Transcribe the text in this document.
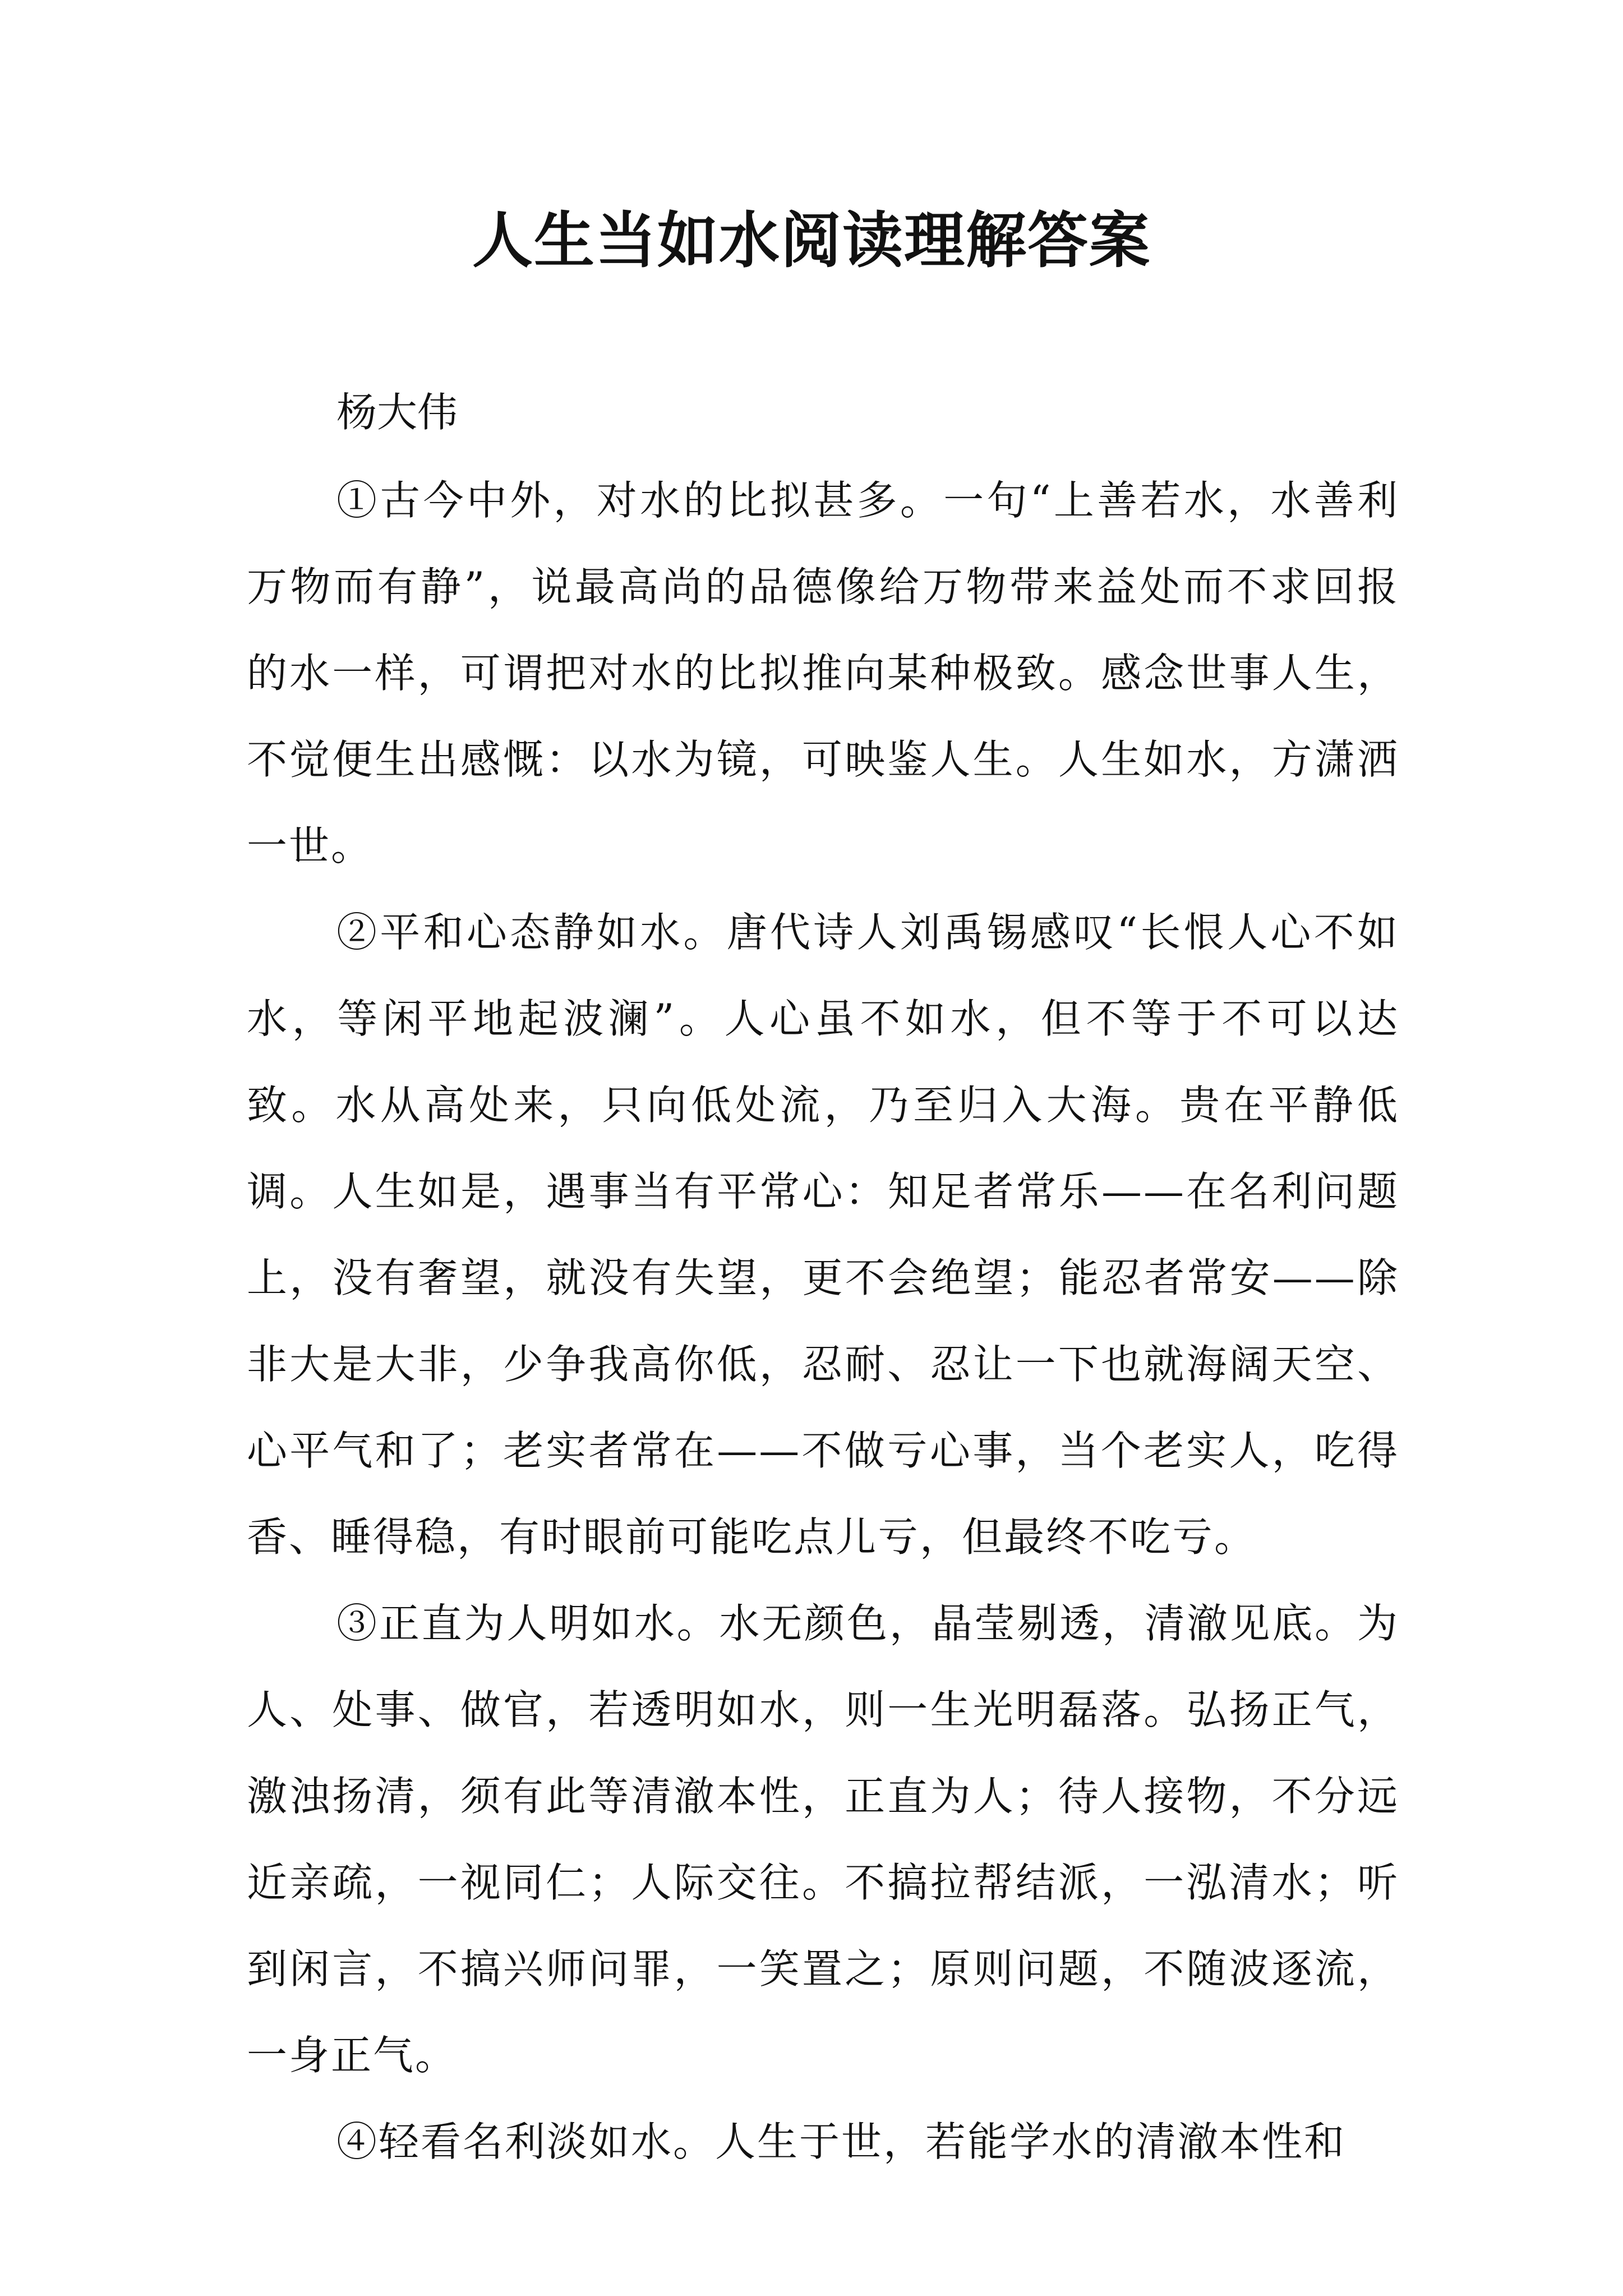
人生当如水阅读理解答案

杨大伟

①古今中外，对水的比拟甚多。一句“上善若水，水善利万物而有静”，说最高尚的品德像给万物带来益处而不求回报的水一样，可谓把对水的比拟推向某种极致。感念世事人生，不觉便生出感慨：以水为镜，可映鉴人生。人生如水，方潇洒一世。

②平和心态静如水。唐代诗人刘禹锡感叹“长恨人心不如水，等闲平地起波澜”。人心虽不如水，但不等于不可以达致。水从高处来，只向低处流，乃至归入大海。贵在平静低调。人生如是，遇事当有平常心：知足者常乐——在名利问题上，没有奢望，就没有失望，更不会绝望；能忍者常安——除非大是大非，少争我高你低，忍耐、忍让一下也就海阔天空、心平气和了；老实者常在——不做亏心事，当个老实人，吃得香、睡得稳，有时眼前可能吃点儿亏，但最终不吃亏。

③正直为人明如水。水无颜色，晶莹剔透，清澈见底。为人、处事、做官，若透明如水，则一生光明磊落。弘扬正气，激浊扬清，须有此等清澈本性，正直为人；待人接物，不分远近亲疏，一视同仁；人际交往。不搞拉帮结派，一泓清水；听到闲言，不搞兴师问罪，一笑置之；原则问题，不随波逐流，一身正气。

④轻看名利淡如水。人生于世，若能学水的清澈本性和
